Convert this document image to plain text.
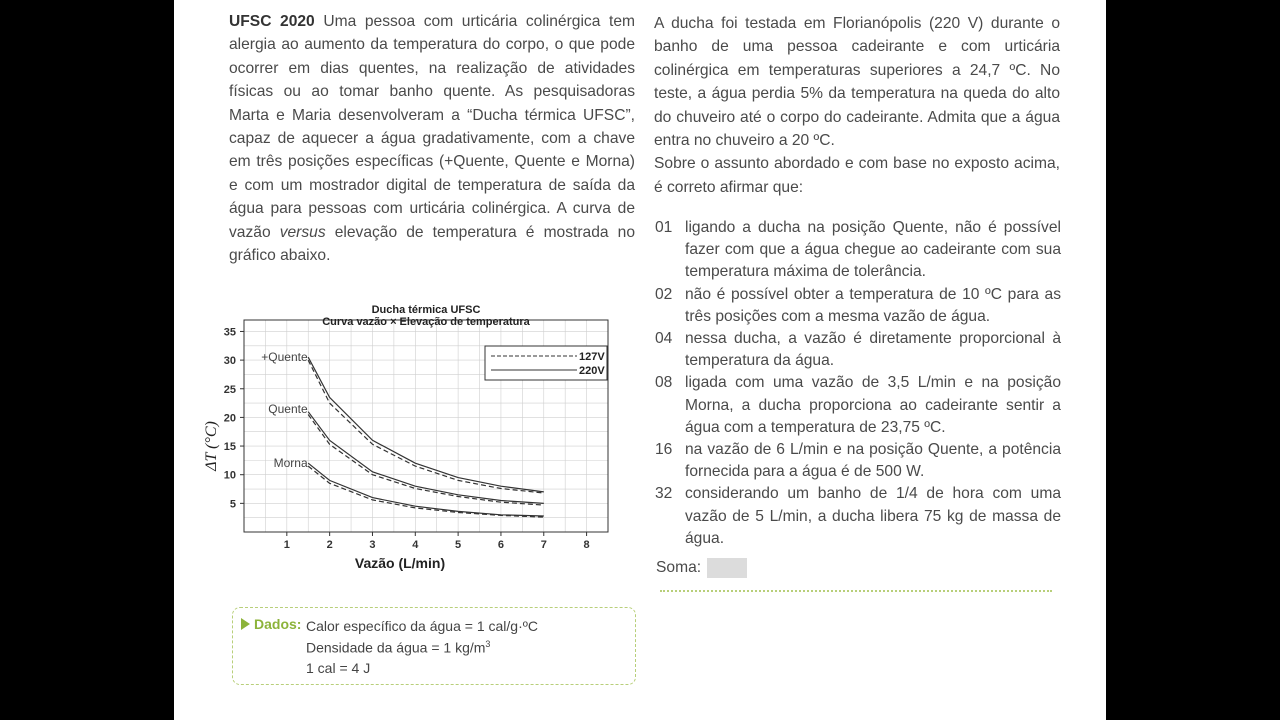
UFSC 2020 Uma pessoa com urticária colinérgica tem alergia ao aumento da temperatura do corpo, o que pode ocorrer em dias quentes, na realização de atividades físicas ou ao tomar banho quente. As pesquisadoras Marta e Maria desenvolveram a “Ducha térmica UFSC”, capaz de aquecer a água gradativamente, com a chave em três posições específicas (+Quente, Quente e Morna) e com um mostrador digital de temperatura de saída da água para pessoas com urticária colinérgica. A curva de vazão versus elevação de temperatura é mostrada no gráfico abaixo.
1	2	3	4	5	6	7	8
5
10
15
20
25
30
35
Ducha térmica UFSC
Curva vazão × Elevação de temperatura
Vazão (L/min)
ΔT (°C)
+Quente
Quente
Morna
127V
220V
Dados: Calor específico da água = 1 cal/g·ºC
Densidade da água = 1 $kg/m^3$
1 cal = 4 J
A ducha foi testada em Florianópolis (220 V) durante o banho de uma pessoa cadeirante e com urticária colinérgica em temperaturas superiores a 24,7 ºC. No teste, a água perdia 5% da temperatura na queda do alto do chuveiro até o corpo do cadeirante. Admita que a água entra no chuveiro a 20 ºC.
Sobre o assunto abordado e com base no exposto acima, é correto afirmar que:
01 ligando a ducha na posição Quente, não é possível fazer com que a água chegue ao cadeirante com sua temperatura máxima de tolerância.
02 não é possível obter a temperatura de 10 ºC para as três posições com a mesma vazão de água.
04 nessa ducha, a vazão é diretamente proporcional à temperatura da água.
08 ligada com uma vazão de 3,5 L/min e na posição Morna, a ducha proporciona ao cadeirante sentir a água com a temperatura de 23,75 ºC.
16 na vazão de 6 L/min e na posição Quente, a potência fornecida para a água é de 500 W.
32 considerando um banho de 1/4 de hora com uma vazão de 5 L/min, a ducha libera 75 kg de massa de água.
Soma:
